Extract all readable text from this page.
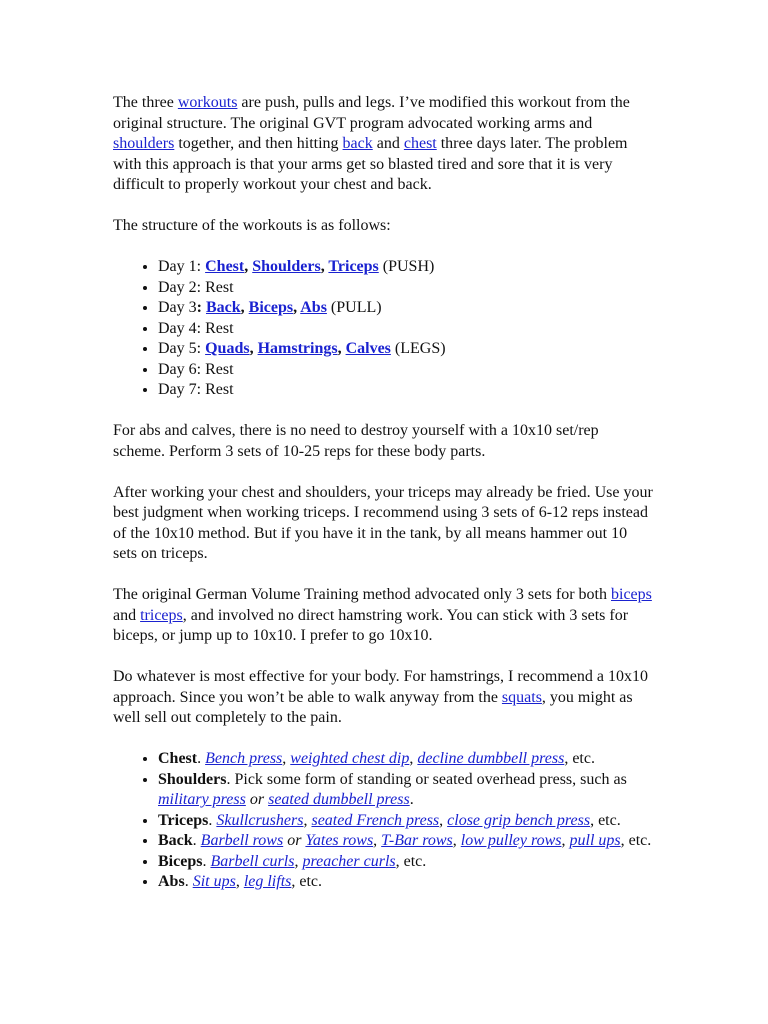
The three workouts are push, pulls and legs. I’ve modified this workout from the original structure. The original GVT program advocated working arms and shoulders together, and then hitting back and chest three days later. The problem with this approach is that your arms get so blasted tired and sore that it is very difficult to properly workout your chest and back.

The structure of the workouts is as follows:

• Day 1: Chest, Shoulders, Triceps (PUSH)
• Day 2: Rest
• Day 3: Back, Biceps, Abs (PULL)
• Day 4: Rest
• Day 5: Quads, Hamstrings, Calves (LEGS)
• Day 6: Rest
• Day 7: Rest

For abs and calves, there is no need to destroy yourself with a 10x10 set/rep scheme. Perform 3 sets of 10-25 reps for these body parts.

After working your chest and shoulders, your triceps may already be fried. Use your best judgment when working triceps. I recommend using 3 sets of 6-12 reps instead of the 10x10 method. But if you have it in the tank, by all means hammer out 10 sets on triceps.

The original German Volume Training method advocated only 3 sets for both biceps and triceps, and involved no direct hamstring work. You can stick with 3 sets for biceps, or jump up to 10x10. I prefer to go 10x10.

Do whatever is most effective for your body. For hamstrings, I recommend a 10x10 approach. Since you won’t be able to walk anyway from the squats, you might as well sell out completely to the pain.

• Chest. Bench press, weighted chest dip, decline dumbbell press, etc.
• Shoulders. Pick some form of standing or seated overhead press, such as military press or seated dumbbell press.
• Triceps. Skullcrushers, seated French press, close grip bench press, etc.
• Back. Barbell rows or Yates rows, T-Bar rows, low pulley rows, pull ups, etc.
• Biceps. Barbell curls, preacher curls, etc.
• Abs. Sit ups, leg lifts, etc.
